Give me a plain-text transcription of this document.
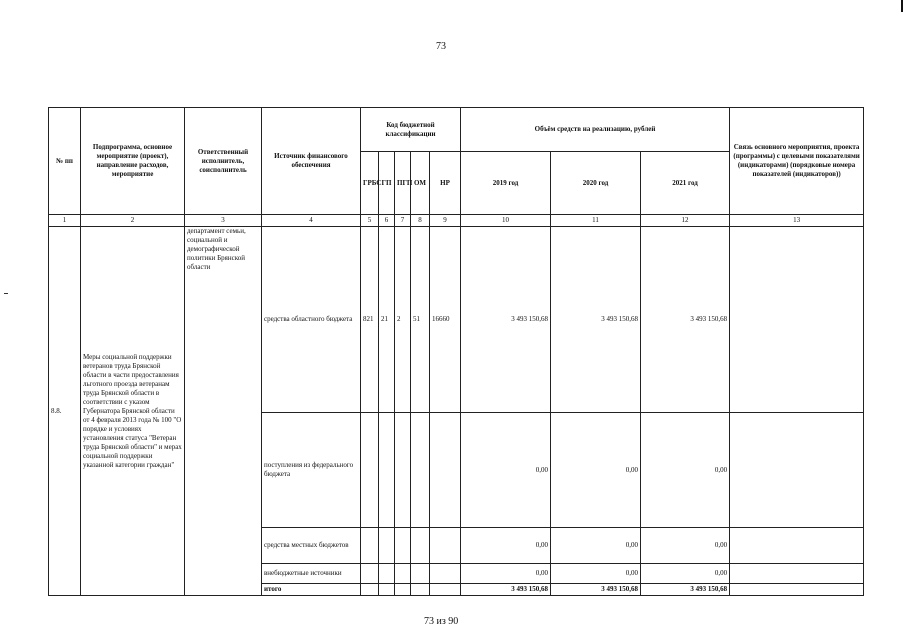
73
№ пп	Подпрограмма, основное мероприятие (проект), направление расходов, мероприятие	Ответственный исполнитель, соисполнитель	Источник финансового обеспечения	Код бюджетной классификации					Объём средств на реализацию, рублей			Связь основного мероприятия, проекта (программы) с целевыми показателями (индикаторами) (порядковые номера показателей (индикаторов))
				ГРБС	ГП	ПГП	ОМ	НР	2019 год	2020 год	2021 год	
1	2	3	4	5	6	7	8	9	10	11	12	13
8.8.	Меры социальной поддержки ветеранов труда Брянской области в части предоставления льготного проезда ветеранам труда Брянской области в соответствии с указом Губернатора Брянской области от 4 февраля 2013 года № 100 "О порядке и условиях установления статуса "Ветеран труда Брянской области" и мерах социальной поддержки указанной категории граждан"	департамент семьи, социальной и демографической политики Брянской области	средства областного бюджета	821	21	2	51	16660	3 493 150,68	3 493 150,68	3 493 150,68	
			поступления из федерального бюджета						0,00	0,00	0,00	
			средства местных бюджетов						0,00	0,00	0,00	
			внебюджетные источники						0,00	0,00	0,00	
			итого						3 493 150,68	3 493 150,68	3 493 150,68	
73 из 90
